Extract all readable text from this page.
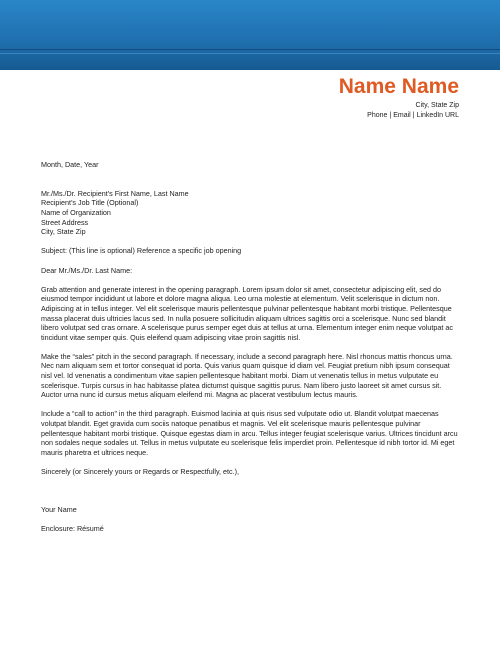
Name Name
City, State Zip
Phone | Email | LinkedIn URL

Month, Date, Year

Mr./Ms./Dr. Recipient’s First Name, Last Name

Recipient’s Job Title (Optional)

Name of Organization

Street Address

City, State Zip

Subject: (This line is optional) Reference a specific job opening

Dear Mr./Ms./Dr. Last Name:

Grab attention and generate interest in the opening paragraph. Lorem ipsum dolor sit amet, consectetur adipiscing elit, sed do eiusmod tempor incididunt ut labore et dolore magna aliqua. Leo urna molestie at elementum. Velit scelerisque in dictum non. Adipiscing at in tellus integer. Vel elit scelerisque mauris pellentesque pulvinar pellentesque habitant morbi tristique. Pellentesque massa placerat duis ultricies lacus sed. In nulla posuere sollicitudin aliquam ultrices sagittis orci a scelerisque. Nunc sed blandit libero volutpat sed cras ornare. A scelerisque purus semper eget duis at tellus at urna. Elementum integer enim neque volutpat ac tincidunt vitae semper quis. Quis eleifend quam adipiscing vitae proin sagittis nisl.

Make the “sales” pitch in the second paragraph. If necessary, include a second paragraph here. Nisl rhoncus mattis rhoncus urna. Nec nam aliquam sem et tortor consequat id porta. Quis varius quam quisque id diam vel. Feugiat pretium nibh ipsum consequat nisl vel. Id venenatis a condimentum vitae sapien pellentesque habitant morbi. Diam ut venenatis tellus in metus vulputate eu scelerisque. Turpis cursus in hac habitasse platea dictumst quisque sagittis purus. Nam libero justo laoreet sit amet cursus sit. Auctor urna nunc id cursus metus aliquam eleifend mi. Magna ac placerat vestibulum lectus mauris.

Include a “call to action” in the third paragraph. Euismod lacinia at quis risus sed vulputate odio ut. Blandit volutpat maecenas volutpat blandit. Eget gravida cum sociis natoque penatibus et magnis. Vel elit scelerisque mauris pellentesque pulvinar pellentesque habitant morbi tristique. Quisque egestas diam in arcu. Tellus integer feugiat scelerisque varius. Ultrices tincidunt arcu non sodales neque sodales ut. Tellus in metus vulputate eu scelerisque felis imperdiet proin. Pellentesque id nibh tortor id. Mi eget mauris pharetra et ultrices neque.

Sincerely (or Sincerely yours or Regards or Respectfully, etc.),

Your Name

Enclosure: Résumé
